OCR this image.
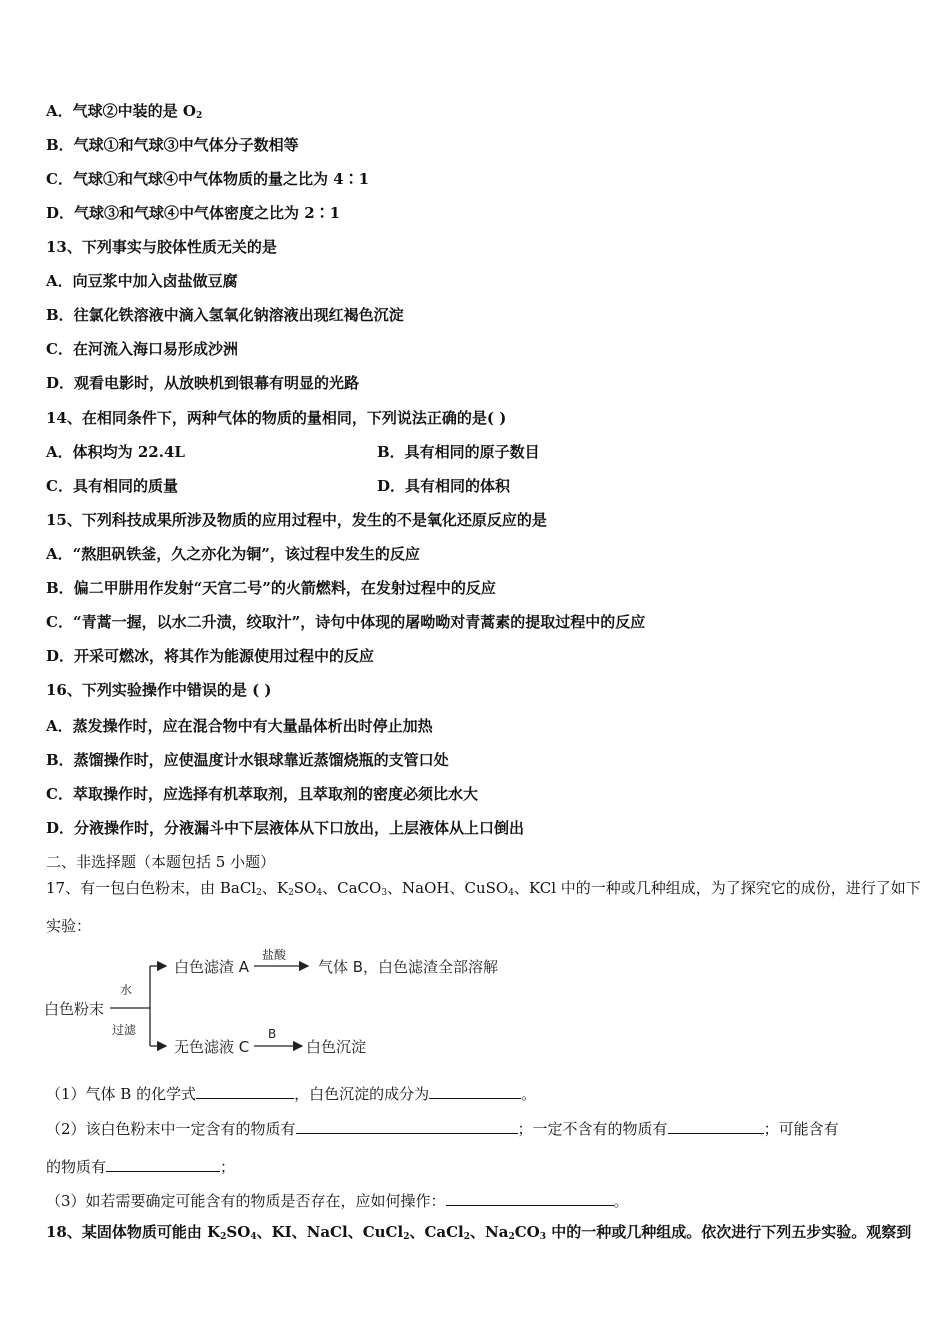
A．气球②中装的是 $O_2$
B．气球①和气球③中气体分子数相等
C．气球①和气球④中气体物质的量之比为 4∶1
D．气球③和气球④中气体密度之比为 2∶1
13、下列事实与胶体性质无关的是
A．向豆浆中加入卤盐做豆腐
B．往氯化铁溶液中滴入氢氧化钠溶液出现红褐色沉淀
C．在河流入海口易形成沙洲
D．观看电影时，从放映机到银幕有明显的光路
14、在相同条件下，两种气体的物质的量相同，下列说法正确的是( )
A．体积均为 22.4L	B．具有相同的原子数目
C．具有相同的质量	D．具有相同的体积
15、下列科技成果所涉及物质的应用过程中，发生的不是氧化还原反应的是
A．“熬胆矾铁釜，久之亦化为铜”，该过程中发生的反应
B．偏二甲肼用作发射“天宫二号”的火箭燃料，在发射过程中的反应
C．“青蒿一握，以水二升渍，绞取汁”，诗句中体现的屠呦呦对青蒿素的提取过程中的反应
D．开采可燃冰，将其作为能源使用过程中的反应
16、下列实验操作中错误的是 ( )
A．蒸发操作时，应在混合物中有大量晶体析出时停止加热
B．蒸馏操作时，应使温度计水银球靠近蒸馏烧瓶的支管口处
C．萃取操作时，应选择有机萃取剂，且萃取剂的密度必须比水大
D．分液操作时，分液漏斗中下层液体从下口放出，上层液体从上口倒出
二、非选择题（本题包括 5 小题）
17、有一包白色粉末，由 BaCl$_2$、$K_2SO_4$、CaCO$_3$、NaOH、CuSO$_4$、KCl 中的一种或几种组成，为了探究它的成份，进行了如下
实验：
白色粉末
水
过滤
白色滤渣 A
盐酸
气体 B，白色滤渣全部溶解
无色滤液 C
B
白色沉淀
（1）气体 B 的化学式	，白色沉淀的成分为	。
（2）该白色粉末中一定含有的物质有	；一定不含有的物质有	；可能含有
的物质有	；
（3）如若需要确定可能含有的物质是否存在，应如何操作：	。
18、某固体物质可能由 $K_2SO_4$、KI、NaCl、CuCl$_2$、CaCl$_2$、$Na_2CO_3$ 中的一种或几种组成。依次进行下列五步实验。观察到
